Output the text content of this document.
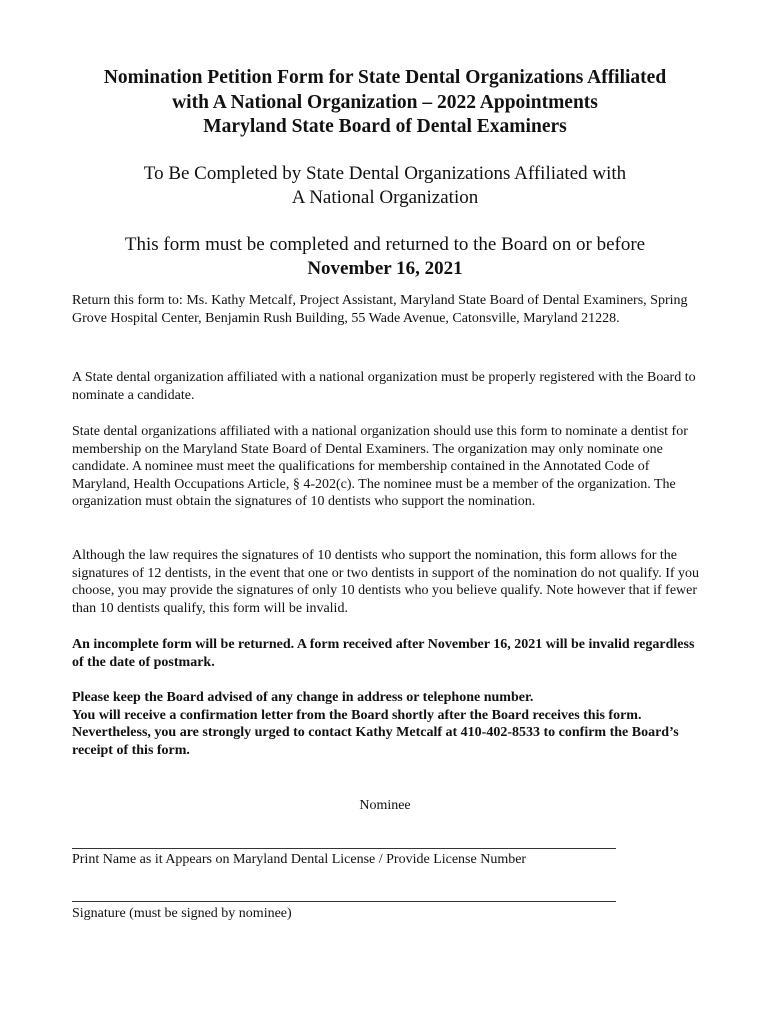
Nomination Petition Form for State Dental Organizations Affiliated
with A National Organization – 2022 Appointments
Maryland State Board of Dental Examiners
To Be Completed by State Dental Organizations Affiliated with
A National Organization
This form must be completed and returned to the Board on or before
November 16, 2021
Return this form to: Ms. Kathy Metcalf, Project Assistant, Maryland State Board of Dental Examiners, Spring Grove Hospital Center, Benjamin Rush Building, 55 Wade Avenue, Catonsville, Maryland 21228.
A State dental organization affiliated with a national organization must be properly registered with the Board to nominate a candidate.
State dental organizations affiliated with a national organization should use this form to nominate a dentist for membership on the Maryland State Board of Dental Examiners. The organization may only nominate one candidate. A nominee must meet the qualifications for membership contained in the Annotated Code of Maryland, Health Occupations Article, § 4-202(c). The nominee must be a member of the organization. The organization must obtain the signatures of 10 dentists who support the nomination.
Although the law requires the signatures of 10 dentists who support the nomination, this form allows for the signatures of 12 dentists, in the event that one or two dentists in support of the nomination do not qualify. If you choose, you may provide the signatures of only 10 dentists who you believe qualify. Note however that if fewer than 10 dentists qualify, this form will be invalid.
An incomplete form will be returned. A form received after November 16, 2021 will be invalid regardless of the date of postmark.
Please keep the Board advised of any change in address or telephone number.
You will receive a confirmation letter from the Board shortly after the Board receives this form. Nevertheless, you are strongly urged to contact Kathy Metcalf at 410-402-8533 to confirm the Board’s receipt of this form.
Nominee
Print Name as it Appears on Maryland Dental License / Provide License Number
Signature (must be signed by nominee)
